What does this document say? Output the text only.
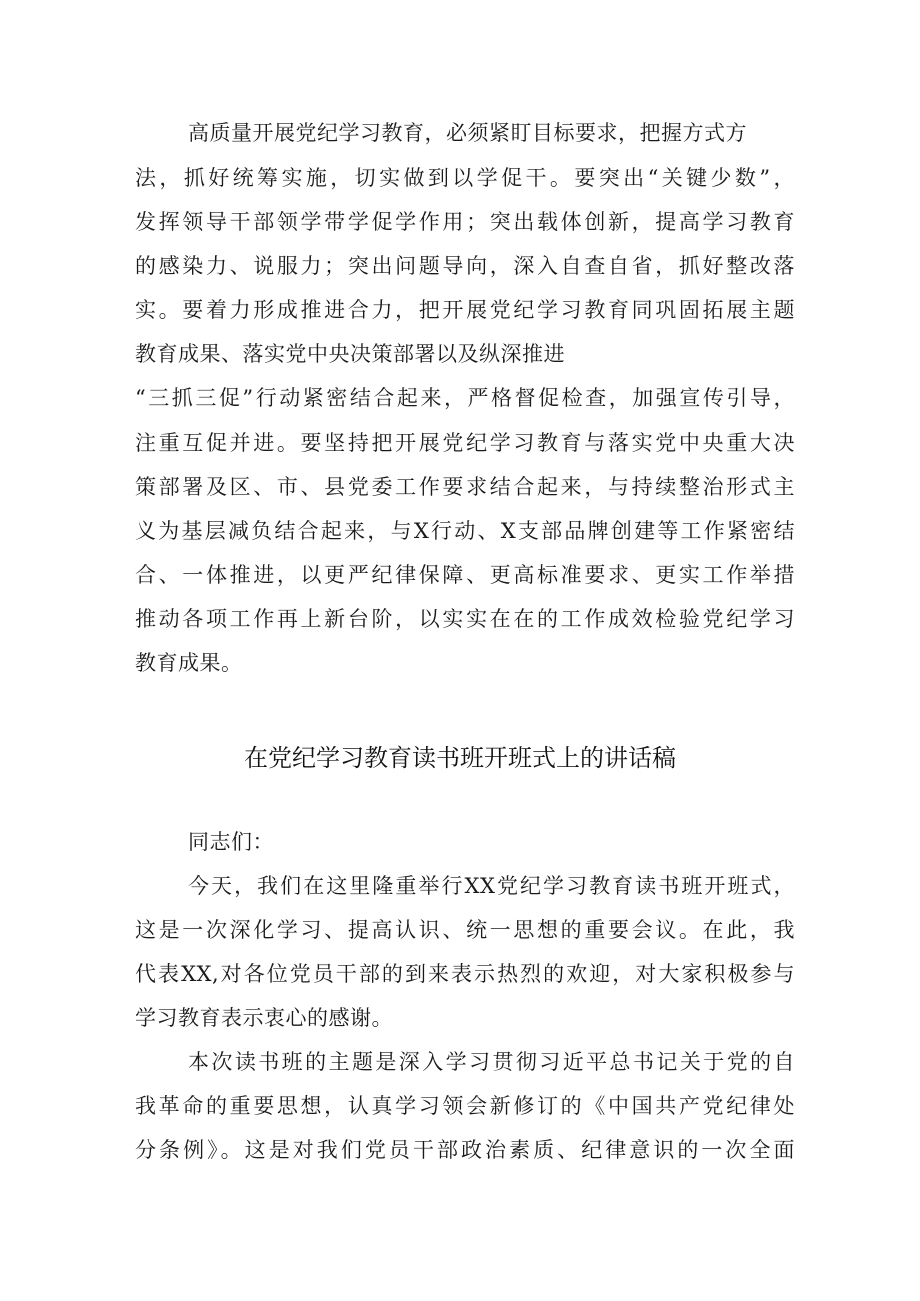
高质量开展党纪学习教育，必须紧盯目标要求，把握方式方
法，抓好统筹实施，切实做到以学促干。要突出“关键少数”，
发挥领导干部领学带学促学作用；突出载体创新，提高学习教育
的感染力、说服力；突出问题导向，深入自查自省，抓好整改落
实。要着力形成推进合力，把开展党纪学习教育同巩固拓展主题
教育成果、落实党中央决策部署以及纵深推进
“三抓三促”行动紧密结合起来，严格督促检查，加强宣传引导，
注重互促并进。要坚持把开展党纪学习教育与落实党中央重大决
策部署及区、市、县党委工作要求结合起来，与持续整治形式主
义为基层减负结合起来，与X行动、X支部品牌创建等工作紧密结
合、一体推进，以更严纪律保障、更高标准要求、更实工作举措
推动各项工作再上新台阶，以实实在在的工作成效检验党纪学习
教育成果。
在党纪学习教育读书班开班式上的讲话稿
同志们：
今天，我们在这里隆重举行XX党纪学习教育读书班开班式，
这是一次深化学习、提高认识、统一思想的重要会议。在此，我
代表XX,对各位党员干部的到来表示热烈的欢迎，对大家积极参与
学习教育表示衷心的感谢。
本次读书班的主题是深入学习贯彻习近平总书记关于党的自
我革命的重要思想，认真学习领会新修订的《中国共产党纪律处
分条例》。这是对我们党员干部政治素质、纪律意识的一次全面
